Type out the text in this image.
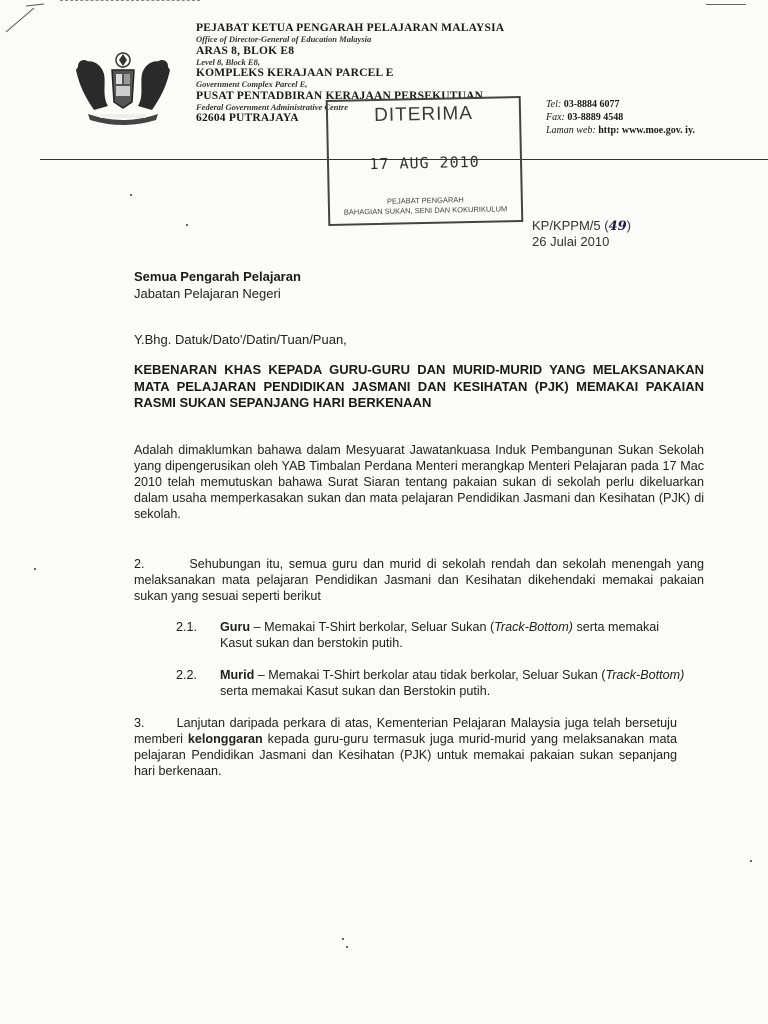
PEJABAT KETUA PENGARAH PELAJARAN MALAYSIA
Office of Director-General of Education Malaysia
ARAS 8, BLOK E8
Level 8, Block E8,
KOMPLEKS KERAJAAN PARCEL E
Government Complex Parcel E,
PUSAT PENTADBIRAN KERAJAAN PERSEKUTUAN
Federal Government Administrative Centre
62604 PUTRAJAYA
Tel: 03-8884 6077
Fax: 03-8889 4548
Laman web: http: www.moe.gov. iy.
DITERIMA
17 AUG 2010
PEJABAT PENGARAH
BAHAGIAN SUKAN, SENI DAN KOKURIKULUM
KP/KPPM/5 (49)
26 Julai 2010
Semua Pengarah Pelajaran
Jabatan Pelajaran Negeri
Y.Bhg. Datuk/Dato'/Datin/Tuan/Puan,
KEBENARAN KHAS KEPADA GURU-GURU DAN MURID-MURID YANG MELAKSANAKAN MATA PELAJARAN PENDIDIKAN JASMANI DAN KESIHATAN (PJK) MEMAKAI PAKAIAN RASMI SUKAN SEPANJANG HARI BERKENAAN
Adalah dimaklumkan bahawa dalam Mesyuarat Jawatankuasa Induk Pembangunan Sukan Sekolah yang dipengerusikan oleh YAB Timbalan Perdana Menteri merangkap Menteri Pelajaran pada 17 Mac 2010 telah memutuskan bahawa Surat Siaran tentang pakaian sukan di sekolah perlu dikeluarkan dalam usaha memperkasakan sukan dan mata pelajaran Pendidikan Jasmani dan Kesihatan (PJK) di sekolah.
2.        Sehubungan itu, semua guru dan murid di sekolah rendah dan sekolah menengah yang melaksanakan mata pelajaran Pendidikan Jasmani dan Kesihatan dikehendaki memakai pakaian sukan yang sesuai seperti berikut
2.1.	Guru – Memakai T-Shirt berkolar, Seluar Sukan (Track-Bottom) serta memakai Kasut sukan dan berstokin putih.
2.2.	Murid – Memakai T-Shirt berkolar atau tidak berkolar, Seluar Sukan (Track-Bottom) serta memakai Kasut sukan dan Berstokin putih.
3.       Lanjutan daripada perkara di atas, Kementerian Pelajaran Malaysia juga telah bersetuju memberi kelonggaran kepada guru-guru termasuk juga murid-murid yang melaksanakan mata pelajaran Pendidikan Jasmani dan Kesihatan (PJK) untuk memakai pakaian sukan sepanjang hari berkenaan.
